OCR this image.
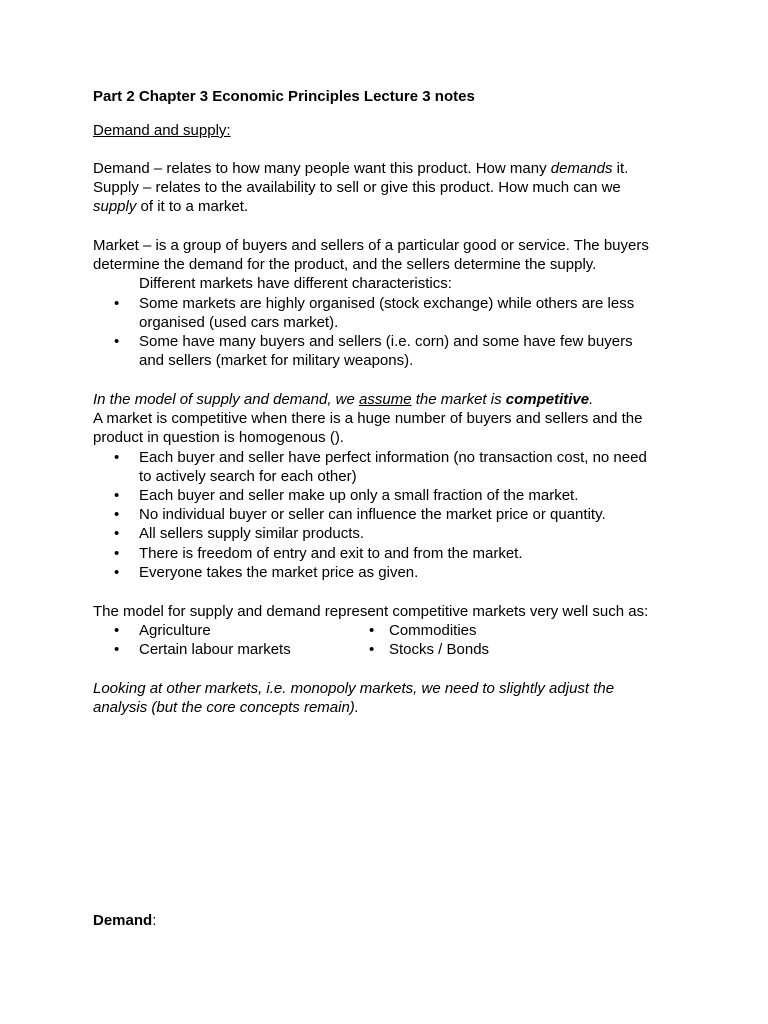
Part 2 Chapter 3 Economic Principles Lecture 3 notes
Demand and supply:
Demand – relates to how many people want this product. How many demands it.
Supply – relates to the availability to sell or give this product. How much can we
supply of it to a market.
Market – is a group of buyers and sellers of a particular good or service. The buyers
determine the demand for the product, and the sellers determine the supply.
Different markets have different characteristics:
• Some markets are highly organised (stock exchange) while others are less
organised (used cars market).
• Some have many buyers and sellers (i.e. corn) and some have few buyers
and sellers (market for military weapons).
In the model of supply and demand, we assume the market is competitive.
A market is competitive when there is a huge number of buyers and sellers and the
product in question is homogenous ().
• Each buyer and seller have perfect information (no transaction cost, no need
to actively search for each other)
• Each buyer and seller make up only a small fraction of the market.
• No individual buyer or seller can influence the market price or quantity.
• All sellers supply similar products.
• There is freedom of entry and exit to and from the market.
• Everyone takes the market price as given.
The model for supply and demand represent competitive markets very well such as:
• Agriculture
• Certain labour markets
• Commodities
• Stocks / Bonds
Looking at other markets, i.e. monopoly markets, we need to slightly adjust the
analysis (but the core concepts remain).
Demand:
